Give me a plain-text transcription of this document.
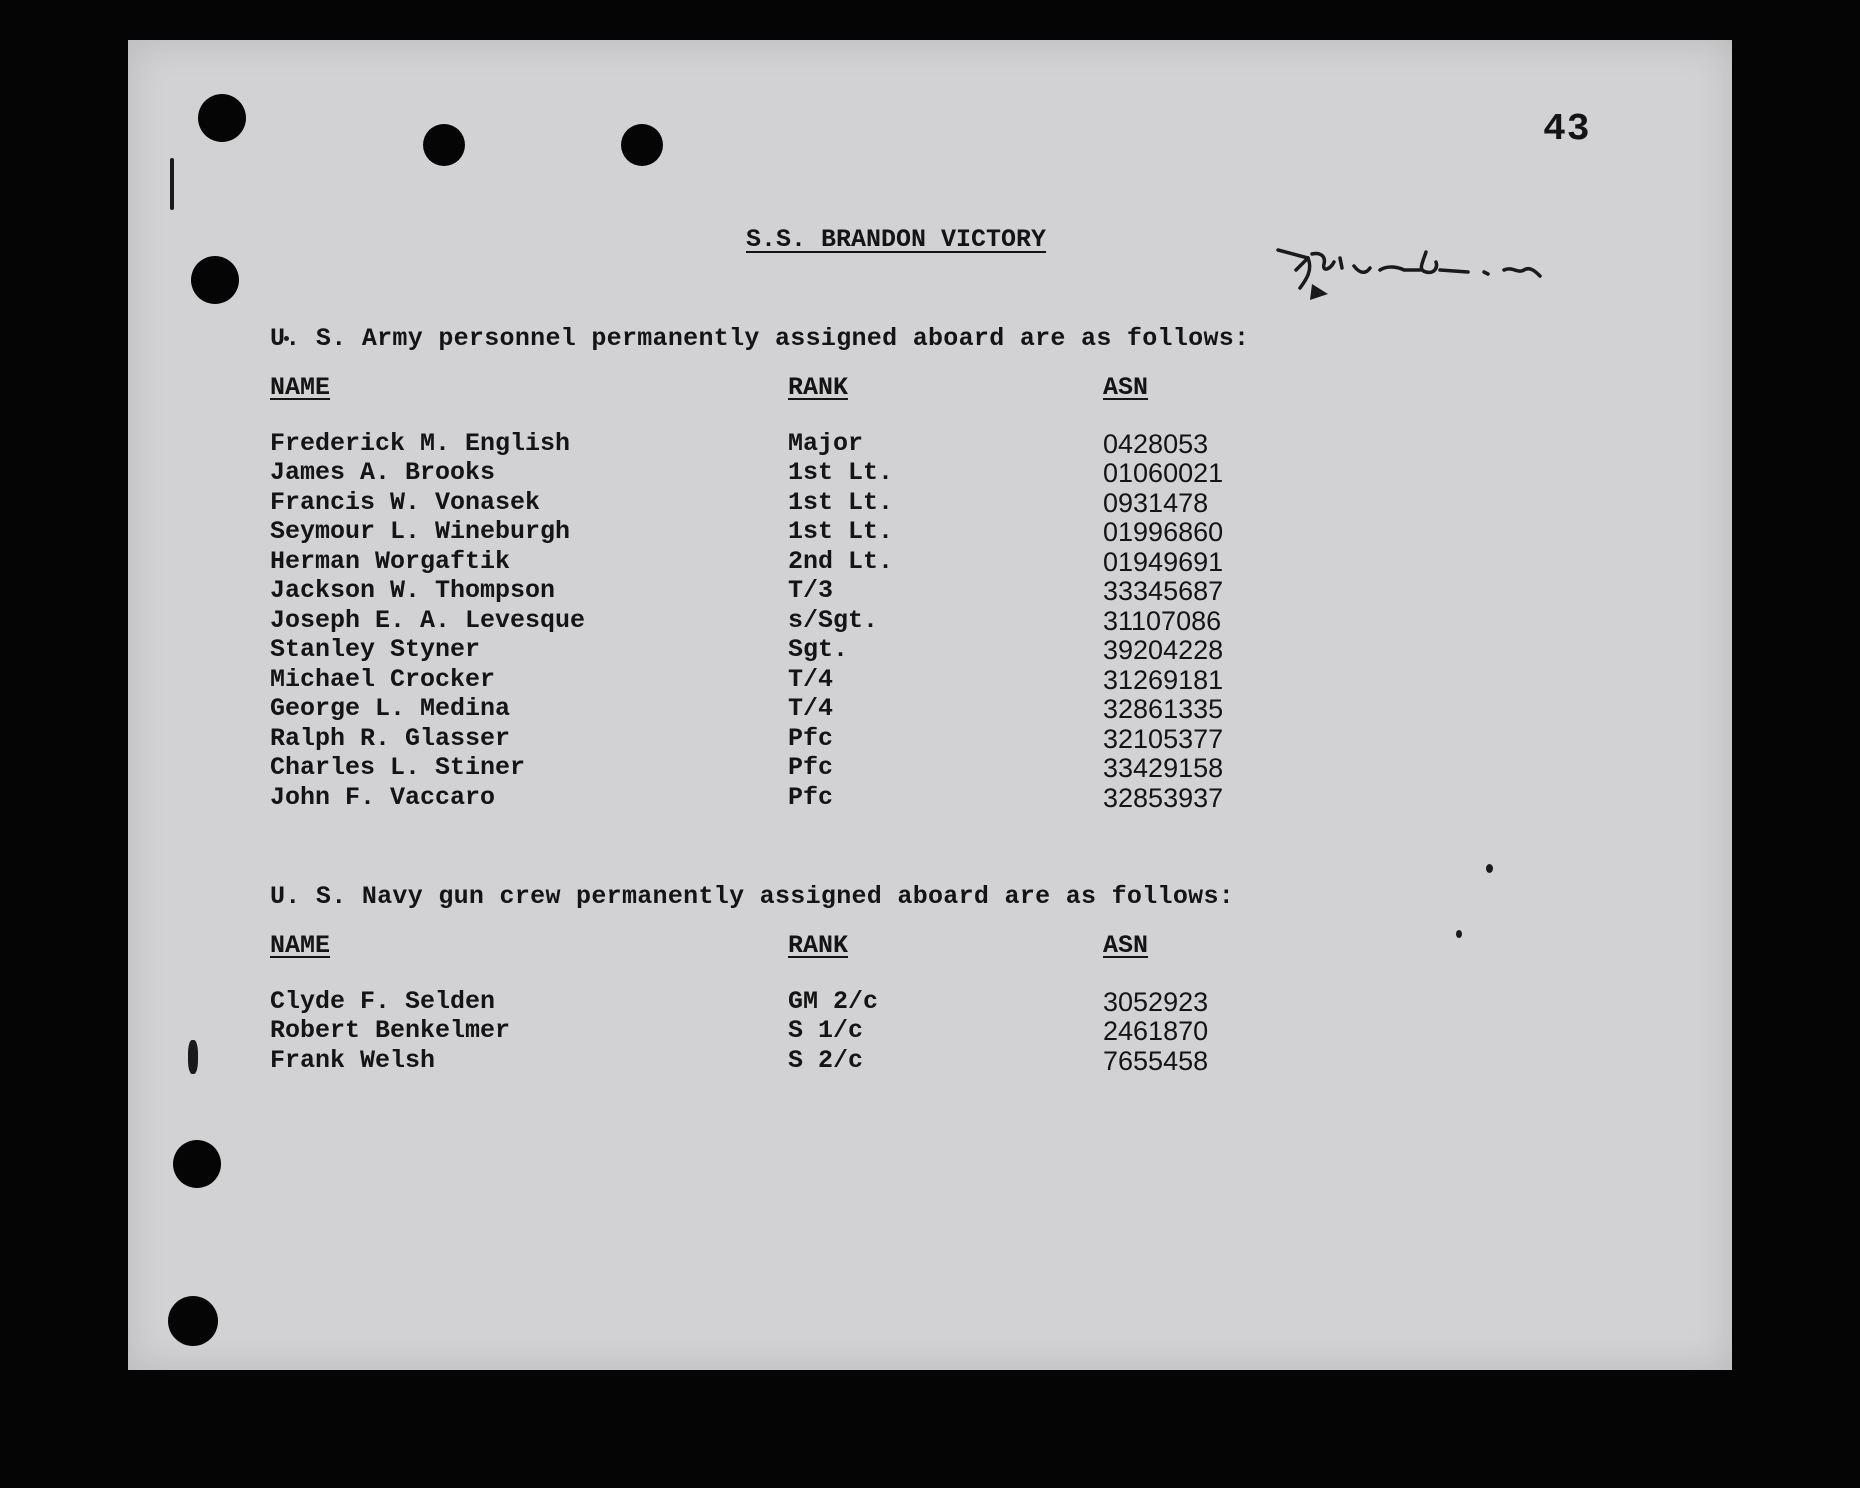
43
S.S. BRANDON VICTORY
U. S. Army personnel permanently assigned aboard are as follows:
NAME	RANK	ASN
Frederick M. English	Major	0428053
James A. Brooks	1st Lt.	01060021
Francis W. Vonasek	1st Lt.	0931478
Seymour L. Wineburgh	1st Lt.	01996860
Herman Worgaftik	2nd Lt.	01949691
Jackson W. Thompson	T/3	33345687
Joseph E. A. Levesque	s/Sgt.	31107086
Stanley Styner	Sgt.	39204228
Michael Crocker	T/4	31269181
George L. Medina	T/4	32861335
Ralph R. Glasser	Pfc	32105377
Charles L. Stiner	Pfc	33429158
John F. Vaccaro	Pfc	32853937
U. S. Navy gun crew permanently assigned aboard are as follows:
NAME	RANK	ASN
Clyde F. Selden	GM 2/c	3052923
Robert Benkelmer	S 1/c	2461870
Frank Welsh	S 2/c	7655458
